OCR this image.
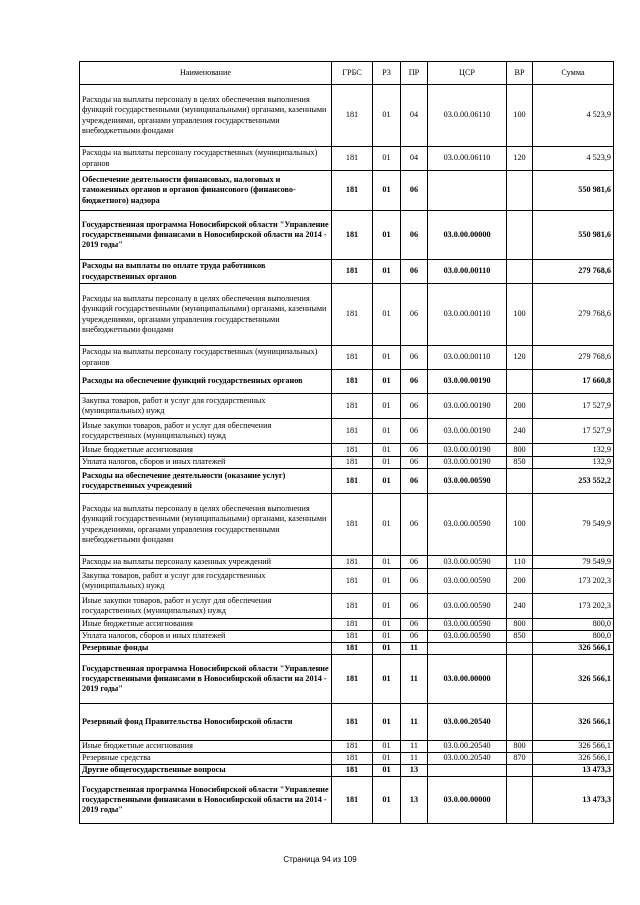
Наименование	ГРБС	РЗ	ПР	ЦСР	ВР	Сумма
Расходы на выплаты персоналу в целях обеспечения выполнения функций государственными (муниципальными) органами, казенными учреждениями, органами управления государственными внебюджетными фондами	181	01	04	03.0.00.06110	100	4 523,9
Расходы на выплаты персоналу государственных (муниципальных) органов	181	01	04	03.0.00.06110	120	4 523,9
Обеспечение деятельности финансовых, налоговых и таможенных органов и органов финансового (финансово-бюджетного) надзора	181	01	06			550 981,6
Государственная программа Новосибирской области "Управление государственными финансами в Новосибирской области на 2014 - 2019 годы"	181	01	06	03.0.00.00000		550 981,6
Расходы на выплаты по оплате труда работников государственных органов	181	01	06	03.0.00.00110		279 768,6
Расходы на выплаты персоналу в целях обеспечения выполнения функций государственными (муниципальными) органами, казенными учреждениями, органами управления государственными внебюджетными фондами	181	01	06	03.0.00.00110	100	279 768,6
Расходы на выплаты персоналу государственных (муниципальных) органов	181	01	06	03.0.00.00110	120	279 768,6
Расходы на обеспечение функций государственных органов	181	01	06	03.0.00.00190		17 660,8
Закупка товаров, работ и услуг для государственных (муниципальных) нужд	181	01	06	03.0.00.00190	200	17 527,9
Иные закупки товаров, работ и услуг для обеспечения государственных (муниципальных) нужд	181	01	06	03.0.00.00190	240	17 527,9
Иные бюджетные ассигнования	181	01	06	03.0.00.00190	800	132,9
Уплата налогов, сборов и иных платежей	181	01	06	03.0.00.00190	850	132,9
Расходы на обеспечение деятельности (оказание услуг) государственных учреждений	181	01	06	03.0.00.00590		253 552,2
Расходы на выплаты персоналу в целях обеспечения выполнения функций государственными (муниципальными) органами, казенными учреждениями, органами управления государственными внебюджетными фондами	181	01	06	03.0.00.00590	100	79 549,9
Расходы на выплаты персоналу казенных учреждений	181	01	06	03.0.00.00590	110	79 549,9
Закупка товаров, работ и услуг для государственных (муниципальных) нужд	181	01	06	03.0.00.00590	200	173 202,3
Иные закупки товаров, работ и услуг для обеспечения государственных (муниципальных) нужд	181	01	06	03.0.00.00590	240	173 202,3
Иные бюджетные ассигнования	181	01	06	03.0.00.00590	800	800,0
Уплата налогов, сборов и иных платежей	181	01	06	03.0.00.00590	850	800,0
Резервные фонды	181	01	11			326 566,1
Государственная программа Новосибирской области "Управление государственными финансами в Новосибирской области на 2014 - 2019 годы"	181	01	11	03.0.00.00000		326 566,1
Резервный фонд Правительства Новосибирской области	181	01	11	03.0.00.20540		326 566,1
Иные бюджетные ассигнования	181	01	11	03.0.00.20540	800	326 566,1
Резервные средства	181	01	11	03.0.00.20540	870	326 566,1
Другие общегосударственные вопросы	181	01	13			13 473,3
Государственная программа Новосибирской области "Управление государственными финансами в Новосибирской области на 2014 - 2019 годы"	181	01	13	03.0.00.00000		13 473,3
Страница 94 из 109
